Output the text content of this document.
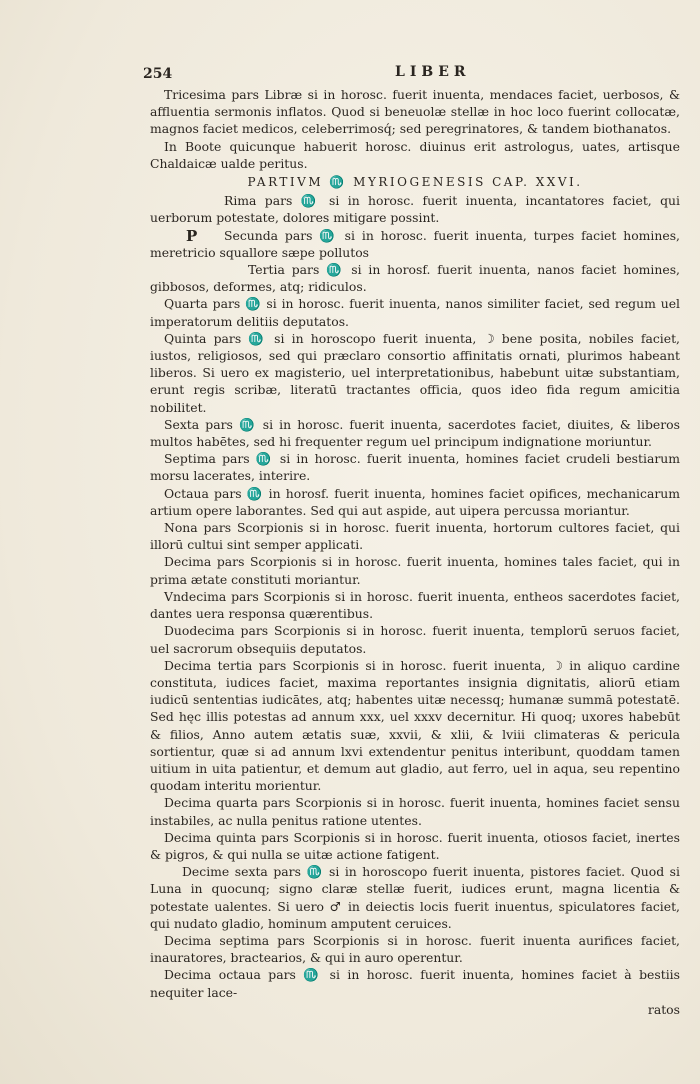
254	LIBER
P

Tricesima pars Libræ si in horosc. fuerit inuenta, mendaces faciet, uerbosos, & affluentia sermonis inflatos. Quod si beneuolæ stellæ in hoc loco fuerint collocatæ, magnos faciet medicos, celeberrimosq́; sed peregrinatores, & tandem biothanatos.

In Boote quicunque habuerit horosc. diuinus erit astrologus, uates, artisque Chaldaicæ ualde peritus.

PARTIVM ♏ MYRIOGENESIS CAP. XXVI.

Rima pars ♏ si in horosc. fuerit inuenta, incantatores faciet, qui uerborum potestate, dolores mitigare possint.

Secunda pars ♏ si in horosc. fuerit inuenta, turpes faciet homines, meretricio squallore sæpe pollutos

Tertia pars ♏ si in horosf. fuerit inuenta, nanos faciet homines, gibbosos, deformes, atq; ridiculos.

Quarta pars ♏ si in horosc. fuerit inuenta, nanos similiter faciet, sed regum uel imperatorum delitiis deputatos.

Quinta pars ♏ si in horoscopo fuerit inuenta, ☽ bene posita, nobiles faciet, iustos, religiosos, sed qui præclaro consortio affinitatis ornati, plurimos habeant liberos. Si uero ex magisterio, uel interpretationibus, habebunt uitæ substantiam, erunt regis scribæ, literatū tractantes officia, quos ideo fida regum amicitia nobilitet.

Sexta pars ♏ si in horosc. fuerit inuenta, sacerdotes faciet, diuites, & liberos multos habētes, sed hi frequenter regum uel principum indignatione moriuntur.

Septima pars ♏ si in horosc. fuerit inuenta, homines faciet crudeli bestiarum morsu lacerates, interire.

Octaua pars ♏ in horosf. fuerit inuenta, homines faciet opifices, mechanicarum artium opere laborantes. Sed qui aut aspide, aut uipera percussa moriantur.

Nona pars Scorpionis si in horosc. fuerit inuenta, hortorum cultores faciet, qui illorū cultui sint semper applicati.

Decima pars Scorpionis si in horosc. fuerit inuenta, homines tales faciet, qui in prima ætate constituti moriantur.

Vndecima pars Scorpionis si in horosc. fuerit inuenta, entheos sacerdotes faciet, dantes uera responsa quærentibus.

Duodecima pars Scorpionis si in horosc. fuerit inuenta, templorū seruos faciet, uel sacrorum obsequiis deputatos.

Decima tertia pars Scorpionis si in horosc. fuerit inuenta, ☽ in aliquo cardine constituta, iudices faciet, maxima reportantes insignia dignitatis, aliorū etiam iudicū sententias iudicātes, atq; habentes uitæ necessq; humanæ summā potestatē. Sed hęc illis potestas ad annum xxx, uel xxxv decernitur. Hi quoq; uxores habebūt & filios, Anno autem ætatis suæ, xxvii, & xlii, & lviii climateras & pericula sortientur, quæ si ad annum lxvi extendentur penitus interibunt, quoddam tamen uitium in uita patientur, et demum aut gladio, aut ferro, uel in aqua, seu repentino quodam interitu morientur.

Decima quarta pars Scorpionis si in horosc. fuerit inuenta, homines faciet sensu instabiles, ac nulla penitus ratione utentes.

Decima quinta pars Scorpionis si in horosc. fuerit inuenta, otiosos faciet, inertes & pigros, & qui nulla se uitæ actione fatigent.

Decime sexta pars ♏ si in horoscopo fuerit inuenta, pistores faciet. Quod si Luna in quocunq; signo claræ stellæ fuerit, iudices erunt, magna licentia & potestate ualentes. Si uero ♂ in deiectis locis fuerit inuentus, spiculatores faciet, qui nudato gladio, hominum amputent ceruices.

Decima septima pars Scorpionis si in horosc. fuerit inuenta aurifices faciet, inauratores, bractearios, & qui in auro operentur.

Decima octaua pars ♏ si in horosc. fuerit inuenta, homines faciet à bestiis nequiter lace-

ratos
